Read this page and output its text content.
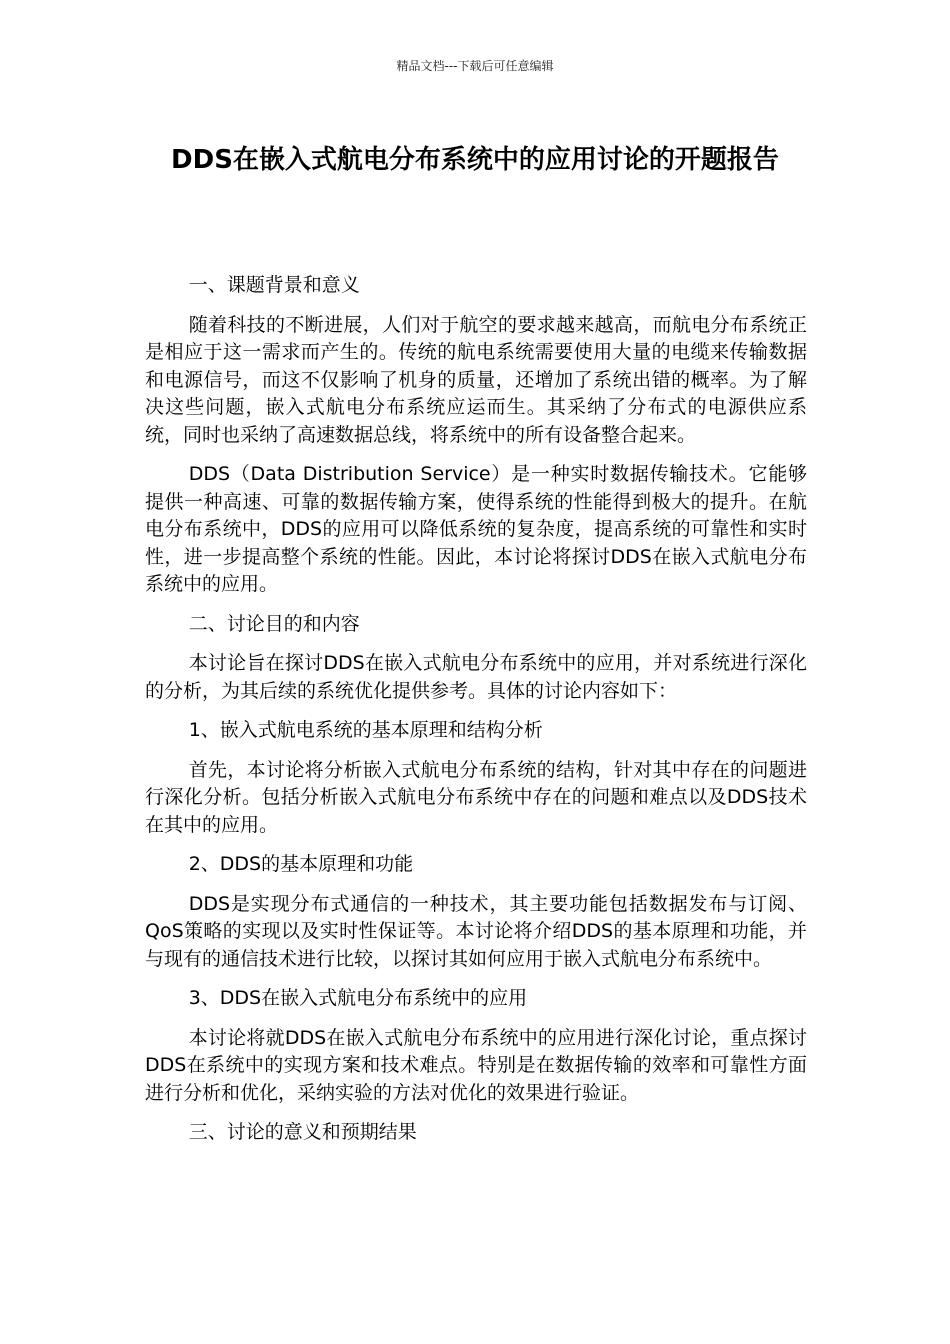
精品文档---下载后可任意编辑
DDS在嵌入式航电分布系统中的应用讨论的开题报告

一、课题背景和意义

随着科技的不断进展，人们对于航空的要求越来越高，而航电分布系统正是相应于这一需求而产生的。传统的航电系统需要使用大量的电缆来传输数据和电源信号，而这不仅影响了机身的质量，还增加了系统出错的概率。为了解决这些问题，嵌入式航电分布系统应运而生。其采纳了分布式的电源供应系统，同时也采纳了高速数据总线，将系统中的所有设备整合起来。

DDS（Data Distribution Service）是一种实时数据传输技术。它能够提供一种高速、可靠的数据传输方案，使得系统的性能得到极大的提升。在航电分布系统中，DDS的应用可以降低系统的复杂度，提高系统的可靠性和实时性，进一步提高整个系统的性能。因此，本讨论将探讨DDS在嵌入式航电分布系统中的应用。

二、讨论目的和内容

本讨论旨在探讨DDS在嵌入式航电分布系统中的应用，并对系统进行深化的分析，为其后续的系统优化提供参考。具体的讨论内容如下：

1、嵌入式航电系统的基本原理和结构分析

首先，本讨论将分析嵌入式航电分布系统的结构，针对其中存在的问题进行深化分析。包括分析嵌入式航电分布系统中存在的问题和难点以及DDS技术在其中的应用。

2、DDS的基本原理和功能

DDS是实现分布式通信的一种技术，其主要功能包括数据发布与订阅、QoS策略的实现以及实时性保证等。本讨论将介绍DDS的基本原理和功能，并与现有的通信技术进行比较，以探讨其如何应用于嵌入式航电分布系统中。

3、DDS在嵌入式航电分布系统中的应用

本讨论将就DDS在嵌入式航电分布系统中的应用进行深化讨论，重点探讨DDS在系统中的实现方案和技术难点。特别是在数据传输的效率和可靠性方面进行分析和优化，采纳实验的方法对优化的效果进行验证。

三、讨论的意义和预期结果
